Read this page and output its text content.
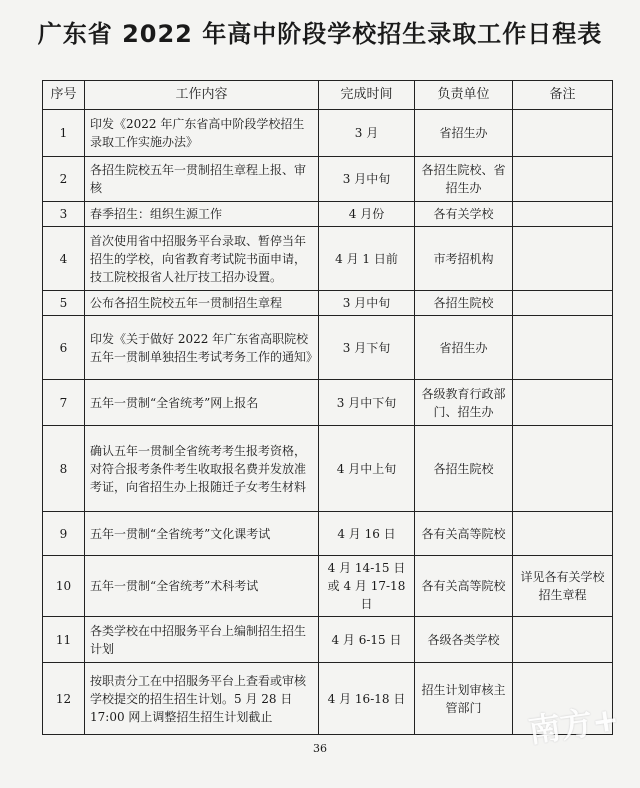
广东省 2022 年高中阶段学校招生录取工作日程表
序号	工作内容	完成时间	负责单位	备注
1	印发《2022 年广东省高中阶段学校招生录取工作实施办法》	3 月	省招生办	
2	各招生院校五年一贯制招生章程上报、审核	3 月中旬	各招生院校、省招生办	
3	春季招生：组织生源工作	4 月份	各有关学校	
4	首次使用省中招服务平台录取、暂停当年招生的学校，向省教育考试院书面申请，技工院校报省人社厅技工招办设置。	4 月 1 日前	市考招机构	
5	公布各招生院校五年一贯制招生章程	3 月中旬	各招生院校	
6	印发《关于做好 2022 年广东省高职院校五年一贯制单独招生考试考务工作的通知》	3 月下旬	省招生办	
7	五年一贯制“全省统考”网上报名	3 月中下旬	各级教育行政部门、招生办	
8	确认五年一贯制全省统考考生报考资格，对符合报考条件考生收取报名费并发放准考证，向省招生办上报随迁子女考生材料	4 月中上旬	各招生院校	
9	五年一贯制“全省统考”文化课考试	4 月 16 日	各有关高等院校	
10	五年一贯制“全省统考”术科考试	4 月 14-15 日或 4 月 17-18 日	各有关高等院校	详见各有关学校招生章程
11	各类学校在中招服务平台上编制招生招生计划	4 月 6-15 日	各级各类学校	
12	按职责分工在中招服务平台上查看或审核学校提交的招生招生计划。5 月 28 日 17:00 网上调整招生招生计划截止	4 月 16-18 日	招生计划审核主管部门	
36	南方+
